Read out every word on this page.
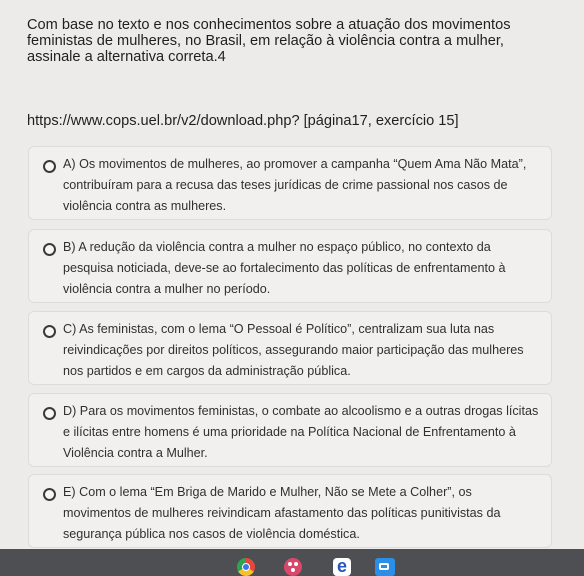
Com base no texto e nos conhecimentos sobre a atuação dos movimentos feministas de mulheres, no Brasil, em relação à violência contra a mulher, assinale a alternativa correta.4
https://www.cops.uel.br/v2/download.php? [página17, exercício 15]
A) Os movimentos de mulheres, ao promover a campanha “Quem Ama Não Mata”, contribuíram para a recusa das teses jurídicas de crime passional nos casos de violência contra as mulheres.
B) A redução da violência contra a mulher no espaço público, no contexto da pesquisa noticiada, deve-se ao fortalecimento das políticas de enfrentamento à violência contra a mulher no período.
C) As feministas, com o lema “O Pessoal é Político”, centralizam sua luta nas reivindicações por direitos políticos, assegurando maior participação das mulheres nos partidos e em cargos da administração pública.
D) Para os movimentos feministas, o combate ao alcoolismo e a outras drogas lícitas e ilícitas entre homens é uma prioridade na Política Nacional de Enfrentamento à Violência contra a Mulher.
E) Com o lema “Em Briga de Marido e Mulher, Não se Mete a Colher”, os movimentos de mulheres reivindicam afastamento das políticas punitivistas da segurança pública nos casos de violência doméstica.
e
